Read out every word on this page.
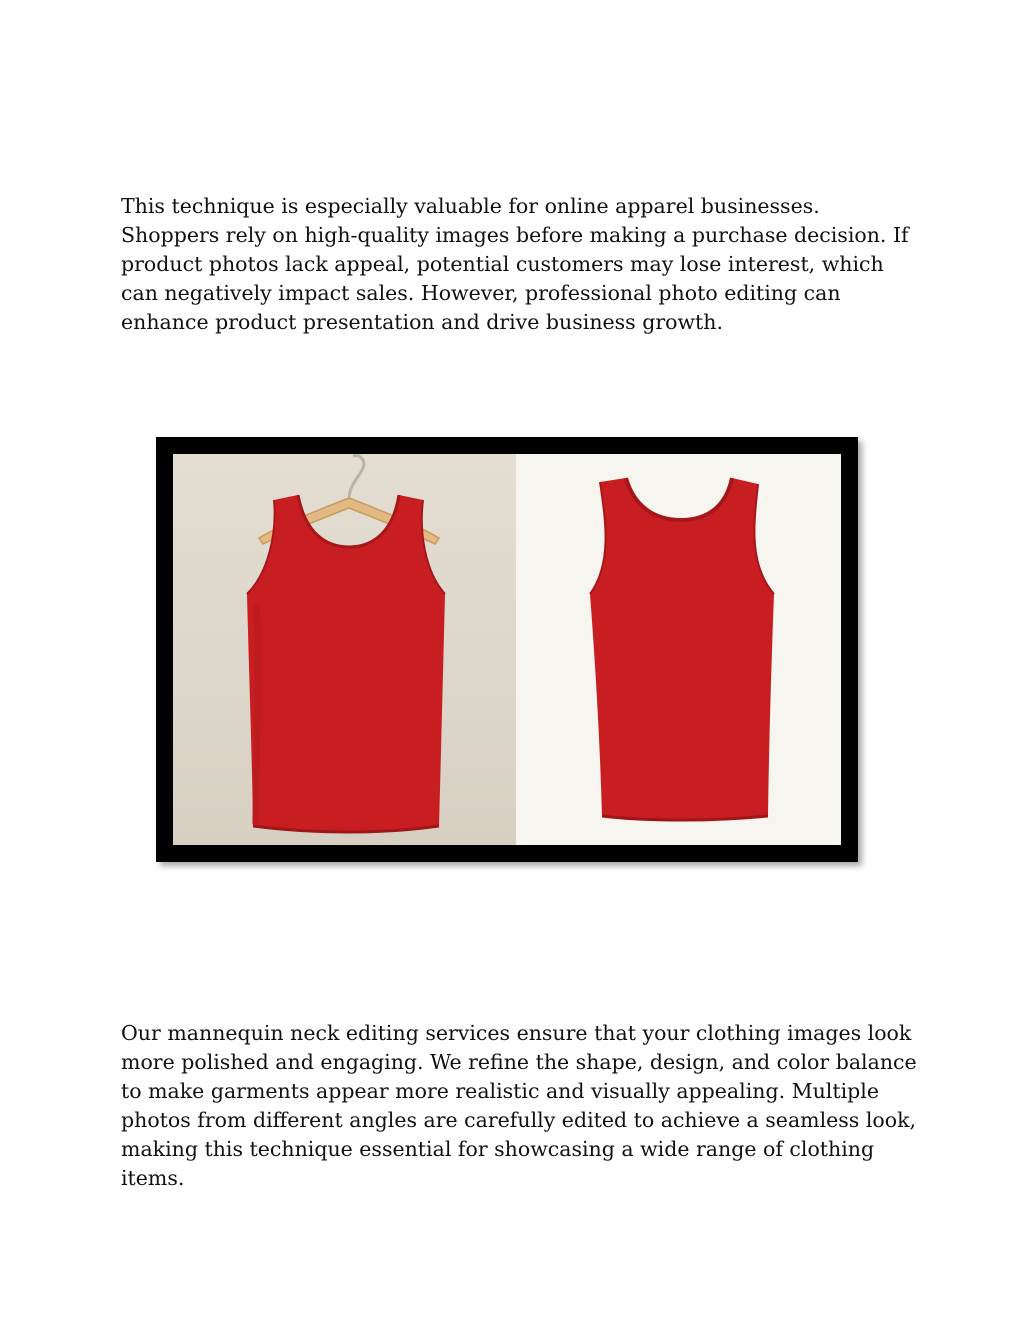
This technique is especially valuable for online apparel businesses.
Shoppers rely on high-quality images before making a purchase decision. If
product photos lack appeal, potential customers may lose interest, which
can negatively impact sales. However, professional photo editing can
enhance product presentation and drive business growth.

Our mannequin neck editing services ensure that your clothing images look
more polished and engaging. We refine the shape, design, and color balance
to make garments appear more realistic and visually appealing. Multiple
photos from different angles are carefully edited to achieve a seamless look,
making this technique essential for showcasing a wide range of clothing
items.
